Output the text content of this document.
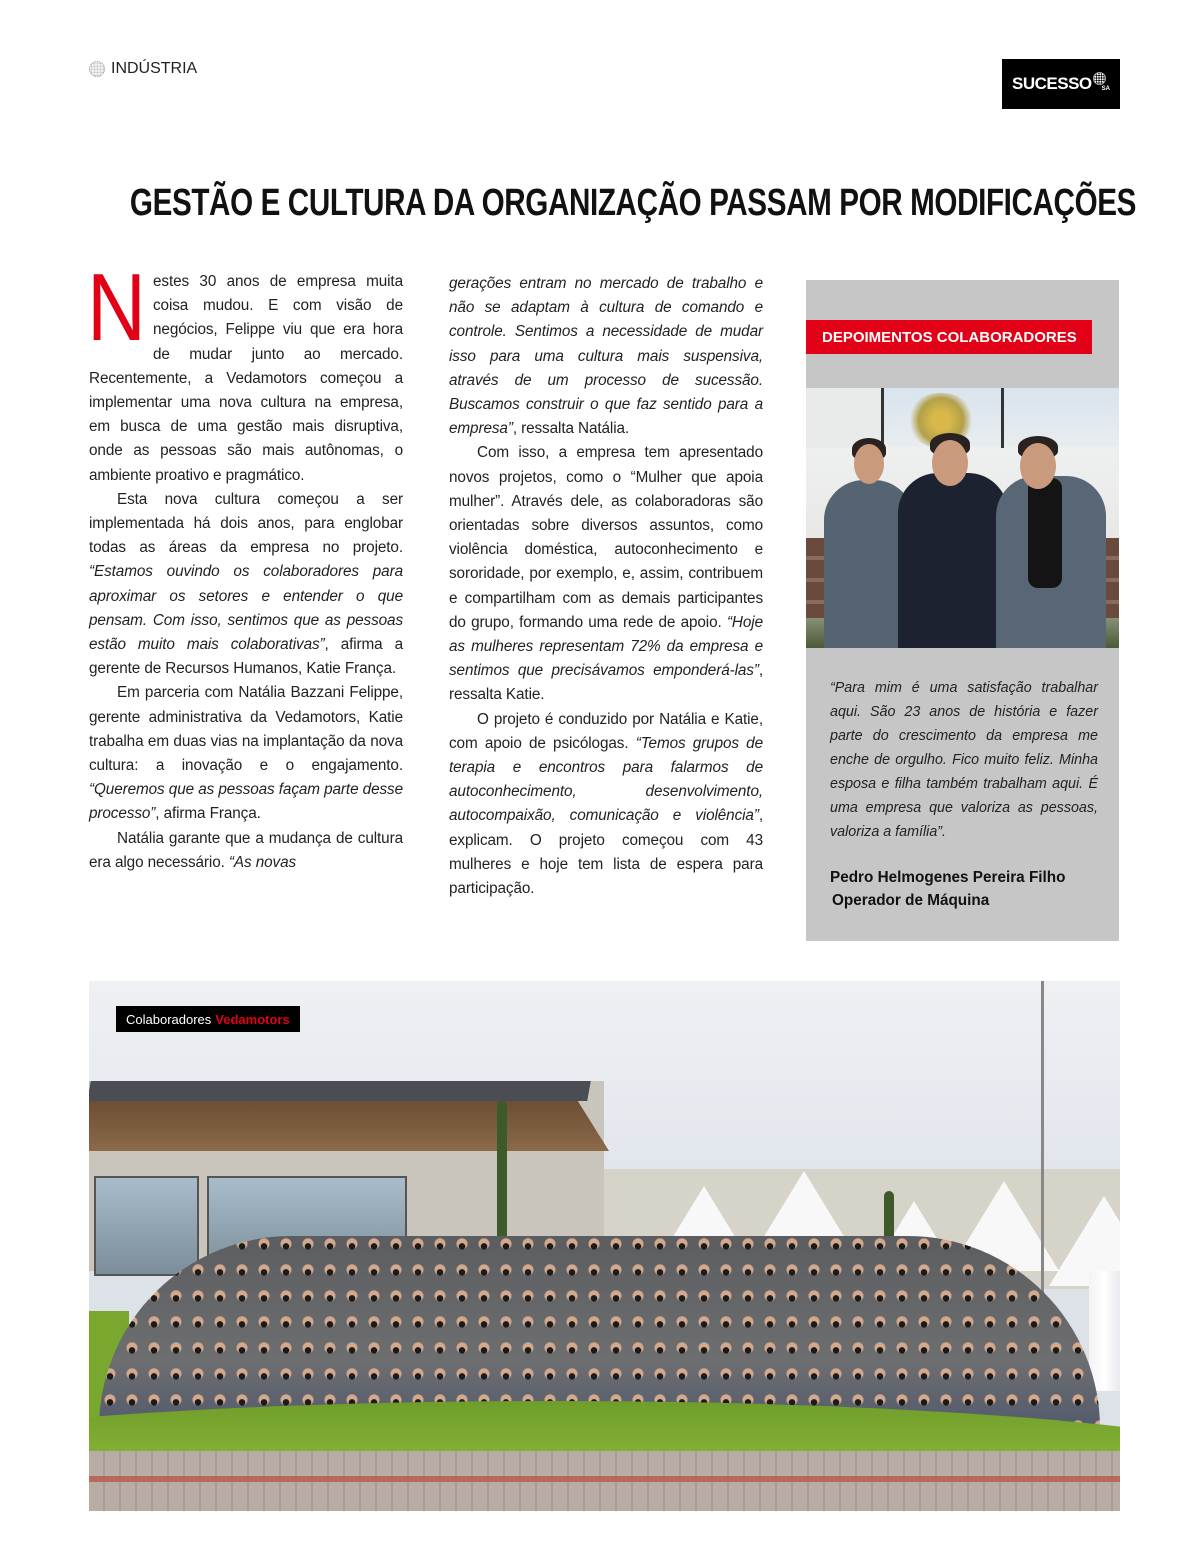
INDÚSTRIA
SUCESSO SA
GESTÃO E CULTURA DA ORGANIZAÇÃO PASSAM POR MODIFICAÇÕES
N estes 30 anos de empresa muita coisa mudou. E com visão de negócios, Felippe viu que era hora de mudar junto ao mercado. Recentemente, a Vedamotors começou a implementar uma nova cultura na empresa, em busca de uma gestão mais disruptiva, onde as pessoas são mais autônomas, o ambiente proativo e pragmático.

Esta nova cultura começou a ser implementada há dois anos, para englobar todas as áreas da empresa no projeto. “Estamos ouvindo os colaboradores para aproximar os setores e entender o que pensam. Com isso, sentimos que as pessoas estão muito mais colaborativas”, afirma a gerente de Recursos Humanos, Katie França.

Em parceria com Natália Bazzani Felippe, gerente administrativa da Vedamotors, Katie trabalha em duas vias na implantação da nova cultura: a inovação e o engajamento. “Queremos que as pessoas façam parte desse processo”, afirma França.

Natália garante que a mudança de cultura era algo necessário. “As novas

gerações entram no mercado de trabalho e não se adaptam à cultura de comando e controle. Sentimos a necessidade de mudar isso para uma cultura mais suspensiva, através de um processo de sucessão. Buscamos construir o que faz sentido para a empresa”, ressalta Natália.

Com isso, a empresa tem apresentado novos projetos, como o “Mulher que apoia mulher”. Através dele, as colaboradoras são orientadas sobre diversos assuntos, como violência doméstica, autoconhecimento e sororidade, por exemplo, e, assim, contribuem e compartilham com as demais participantes do grupo, formando uma rede de apoio. “Hoje as mulheres representam 72% da empresa e sentimos que precisávamos emponderá-las”, ressalta Katie.

O projeto é conduzido por Natália e Katie, com apoio de psicólogas. “Temos grupos de terapia e encontros para falarmos de autoconhecimento, desenvolvimento, autocompaixão, comunicação e violência”, explicam. O projeto começou com 43 mulheres e hoje tem lista de espera para participação.

DEPOIMENTOS COLABORADORES

“Para mim é uma satisfação trabalhar aqui. São 23 anos de história e fazer parte do crescimento da empresa me enche de orgulho. Fico muito feliz. Minha esposa e filha também trabalham aqui. É uma empresa que valoriza as pessoas, valoriza a família”.

Pedro Helmogenes Pereira Filho
Operador de Máquina
Colaboradores Vedamotors
